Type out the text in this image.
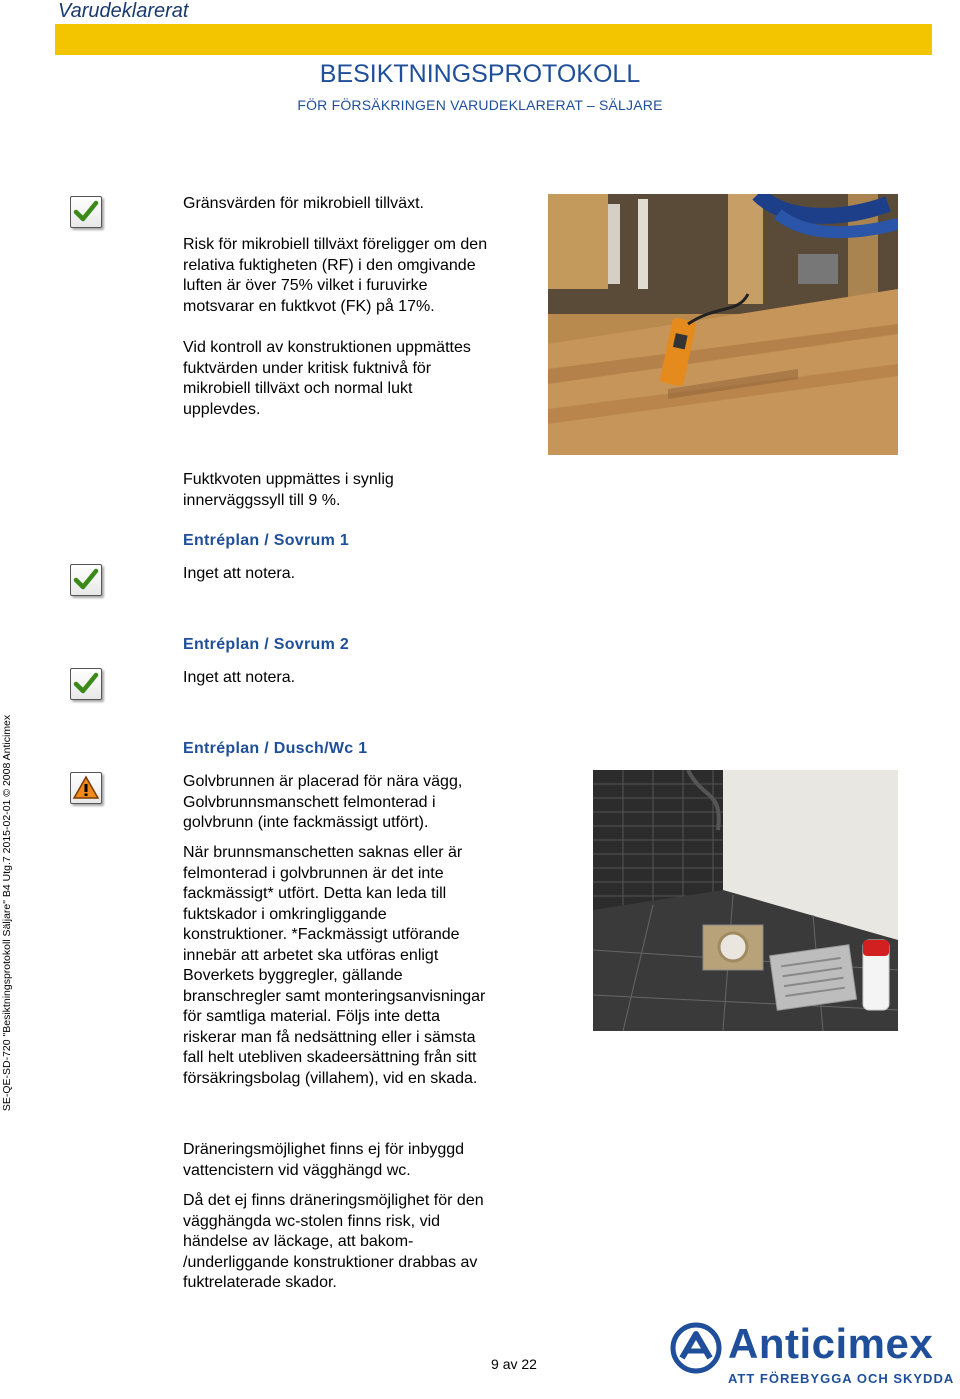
Varudeklarerat
BESIKTNINGSPROTOKOLL
FÖR FÖRSÄKRINGEN VARUDEKLARERAT – SÄLJARE
SE-QE-SD-720 "Besiktningsprotokoll Säljare" B4 Utg.7 2015-02-01 © 2008 Anticimex
Gränsvärden för mikrobiell tillväxt.
Risk för mikrobiell tillväxt föreligger om den
relativa fuktigheten (RF) i den omgivande
luften är över 75% vilket i furuvirke
motsvarar en fuktkvot (FK) på 17%.
Vid kontroll av konstruktionen uppmättes
fuktvärden under kritisk fuktnivå för
mikrobiell tillväxt och normal lukt
upplevdes.
Fuktkvoten uppmättes i synlig
innerväggssyll till 9 %.
Entréplan / Sovrum 1
Inget att notera.
Entréplan / Sovrum 2
Inget att notera.
Entréplan / Dusch/Wc 1
Golvbrunnen är placerad för nära vägg,
Golvbrunnsmanschett felmonterad i
golvbrunn (inte fackmässigt utfört).
När brunnsmanschetten saknas eller är
felmonterad i golvbrunnen är det inte
fackmässigt* utfört. Detta kan leda till
fuktskador i omkringliggande
konstruktioner. *Fackmässigt utförande
innebär att arbetet ska utföras enligt
Boverkets byggregler, gällande
branschregler samt monteringsanvisningar
för samtliga material. Följs inte detta
riskerar man få nedsättning eller i sämsta
fall helt utebliven skadeersättning från sitt
försäkringsbolag (villahem), vid en skada.
Dräneringsmöjlighet finns ej för inbyggd
vattencistern vid vägghängd wc.
Då det ej finns dräneringsmöjlighet för den
vägghängda wc-stolen finns risk, vid
händelse av läckage, att bakom-
/underliggande konstruktioner drabbas av
fuktrelaterade skador.
9 av 22	Anticimex
ATT FÖREBYGGA OCH SKYDDA
